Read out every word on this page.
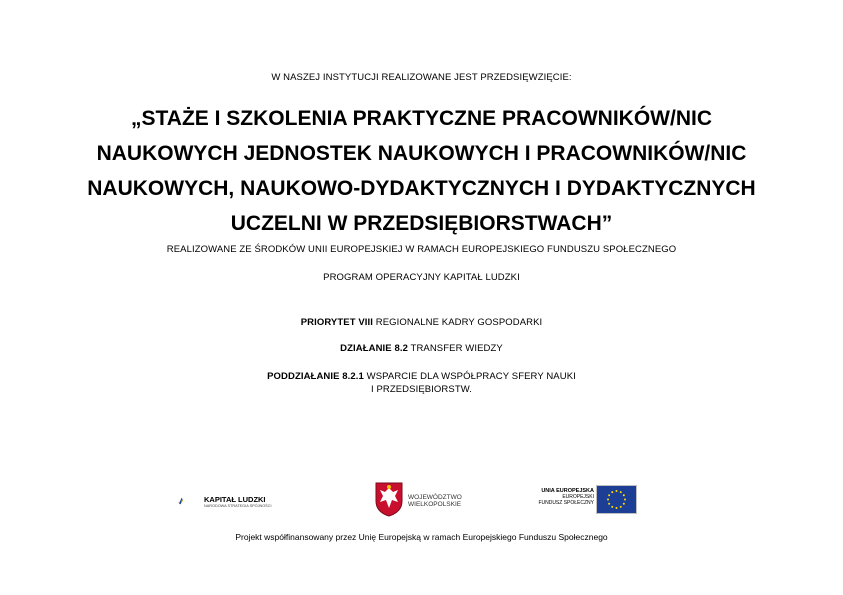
W NASZEJ INSTYTUCJI REALIZOWANE JEST PRZEDSIĘWZIĘCIE:
„STAŻE I SZKOLENIA PRAKTYCZNE PRACOWNIKÓW/NIC
NAUKOWYCH JEDNOSTEK NAUKOWYCH I PRACOWNIKÓW/NIC
NAUKOWYCH, NAUKOWO-DYDAKTYCZNYCH I DYDAKTYCZNYCH
UCZELNI W PRZEDSIĘBIORSTWACH”
REALIZOWANE ZE ŚRODKÓW UNII EUROPEJSKIEJ W RAMACH EUROPEJSKIEGO FUNDUSZU SPOŁECZNEGO
PROGRAM OPERACYJNY KAPITAŁ LUDZKI
PRIORYTET VIII REGIONALNE KADRY GOSPODARKI
DZIAŁANIE 8.2 TRANSFER WIEDZY
PODDZIAŁANIE 8.2.1 WSPARCIE DLA WSPÓŁPRACY SFERY NAUKI
I PRZEDSIĘBIORSTW.
KAPITAŁ LUDZKI
NARODOWA STRATEGIA SPÓJNOŚCI
WOJEWÓDZTWO
WIELKOPOLSKIE
UNIA EUROPEJSKA
EUROPEJSKI
FUNDUSZ SPOŁECZNY
Projekt współfinansowany przez Unię Europejską w ramach Europejskiego Funduszu Społecznego
